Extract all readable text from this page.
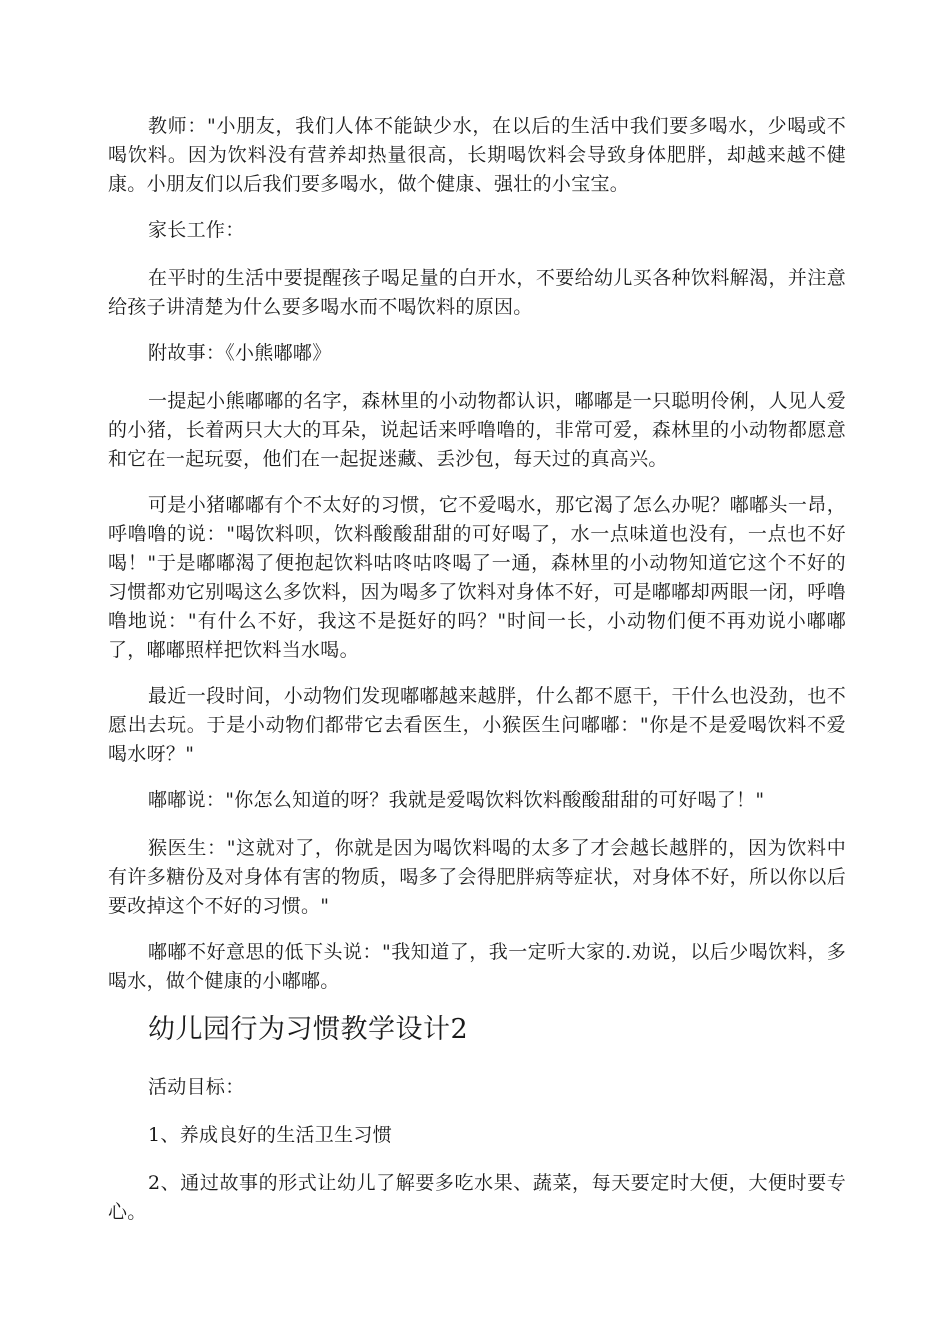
教师："小朋友，我们人体不能缺少水，在以后的生活中我们要多喝水，少喝或不喝饮料。因为饮料没有营养却热量很高，长期喝饮料会导致身体肥胖，却越来越不健康。小朋友们以后我们要多喝水，做个健康、强壮的小宝宝。

家长工作：

在平时的生活中要提醒孩子喝足量的白开水，不要给幼儿买各种饮料解渴，并注意给孩子讲清楚为什么要多喝水而不喝饮料的原因。

附故事：《小熊嘟嘟》

一提起小熊嘟嘟的名字，森林里的小动物都认识，嘟嘟是一只聪明伶俐，人见人爱的小猪，长着两只大大的耳朵，说起话来呼噜噜的，非常可爱，森林里的小动物都愿意和它在一起玩耍，他们在一起捉迷藏、丢沙包，每天过的真高兴。

可是小猪嘟嘟有个不太好的习惯，它不爱喝水，那它渴了怎么办呢？嘟嘟头一昂，呼噜噜的说："喝饮料呗，饮料酸酸甜甜的可好喝了，水一点味道也没有，一点也不好喝！"于是嘟嘟渴了便抱起饮料咕咚咕咚喝了一通，森林里的小动物知道它这个不好的习惯都劝它别喝这么多饮料，因为喝多了饮料对身体不好，可是嘟嘟却两眼一闭，呼噜噜地说："有什么不好，我这不是挺好的吗？"时间一长，小动物们便不再劝说小嘟嘟了，嘟嘟照样把饮料当水喝。

最近一段时间，小动物们发现嘟嘟越来越胖，什么都不愿干，干什么也没劲，也不愿出去玩。于是小动物们都带它去看医生，小猴医生问嘟嘟："你是不是爱喝饮料不爱喝水呀？"

嘟嘟说："你怎么知道的呀？我就是爱喝饮料饮料酸酸甜甜的可好喝了！"

猴医生："这就对了，你就是因为喝饮料喝的太多了才会越长越胖的，因为饮料中有许多糖份及对身体有害的物质，喝多了会得肥胖病等症状，对身体不好，所以你以后要改掉这个不好的习惯。"

嘟嘟不好意思的低下头说："我知道了，我一定听大家的.劝说，以后少喝饮料，多喝水，做个健康的小嘟嘟。

幼儿园行为习惯教学设计2

活动目标：

1、养成良好的生活卫生习惯

2、通过故事的形式让幼儿了解要多吃水果、蔬菜，每天要定时大便，大便时要专心。
